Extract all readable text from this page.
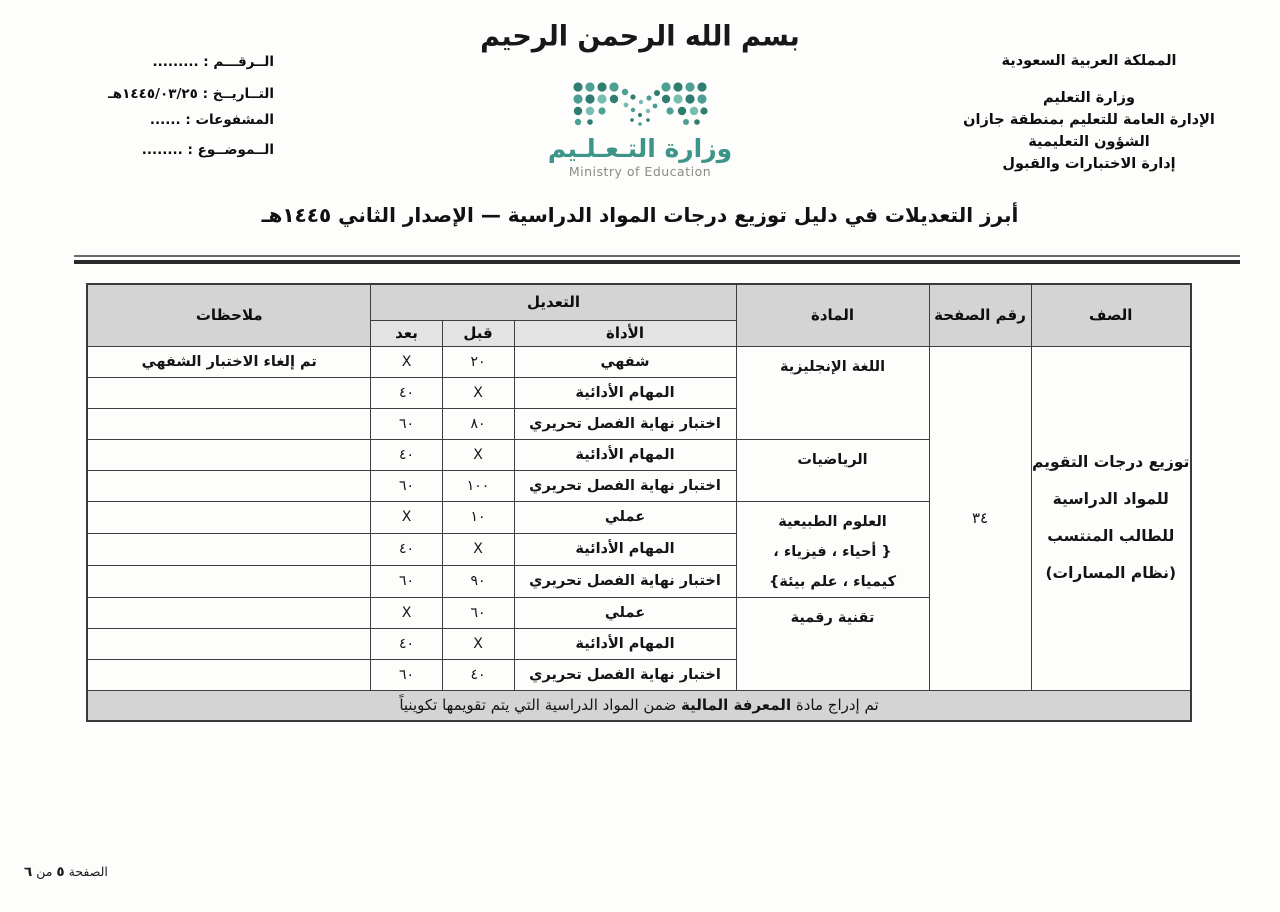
المملكة العربية السعودية
وزارة التعليم
الإدارة العامة للتعليم بمنطقة جازان
الشؤون التعليمية
إدارة الاختبارات والقبول
الــرقـــم : .........
التــاريــخ : ١٤٤٥/٠٣/٢٥هـ
المشفوعات : ......
الــموضــوع : ........
بسم الله الرحمن الرحيم
وزارة التـعـلـيم
Ministry of Education
أبرز التعديلات في دليل توزيع درجات المواد الدراسية — الإصدار الثاني ١٤٤٥هـ
الصف	رقم الصفحة	المادة	التعديل			ملاحظات
			الأداة	قبل	بعد	

توزيع درجات التقويم
للمواد الدراسية
للطالب المنتسب
(نظام المسارات)	٣٤	اللغة الإنجليزية	شفهي	٢٠	X	تم إلغاء الاختبار الشفهي
			المهام الأدائية	X	٤٠	
			اختبار نهاية الفصل تحريري	٨٠	٦٠	

		الرياضيات	المهام الأدائية	X	٤٠	
			اختبار نهاية الفصل تحريري	١٠٠	٦٠	

		العلوم الطبيعية
{ أحياء ، فيزياء ،
كيمياء ، علم بيئة}	عملي	١٠	X	
			المهام الأدائية	X	٤٠	
			اختبار نهاية الفصل تحريري	٩٠	٦٠	

		تقنية رقمية	عملي	٦٠	X	
			المهام الأدائية	X	٤٠	
			اختبار نهاية الفصل تحريري	٤٠	٦٠	
تم إدراج مادة المعرفة المالية ضمن المواد الدراسية التي يتم تقويمها تكوينياً						
الصفحة ٥ من ٦
